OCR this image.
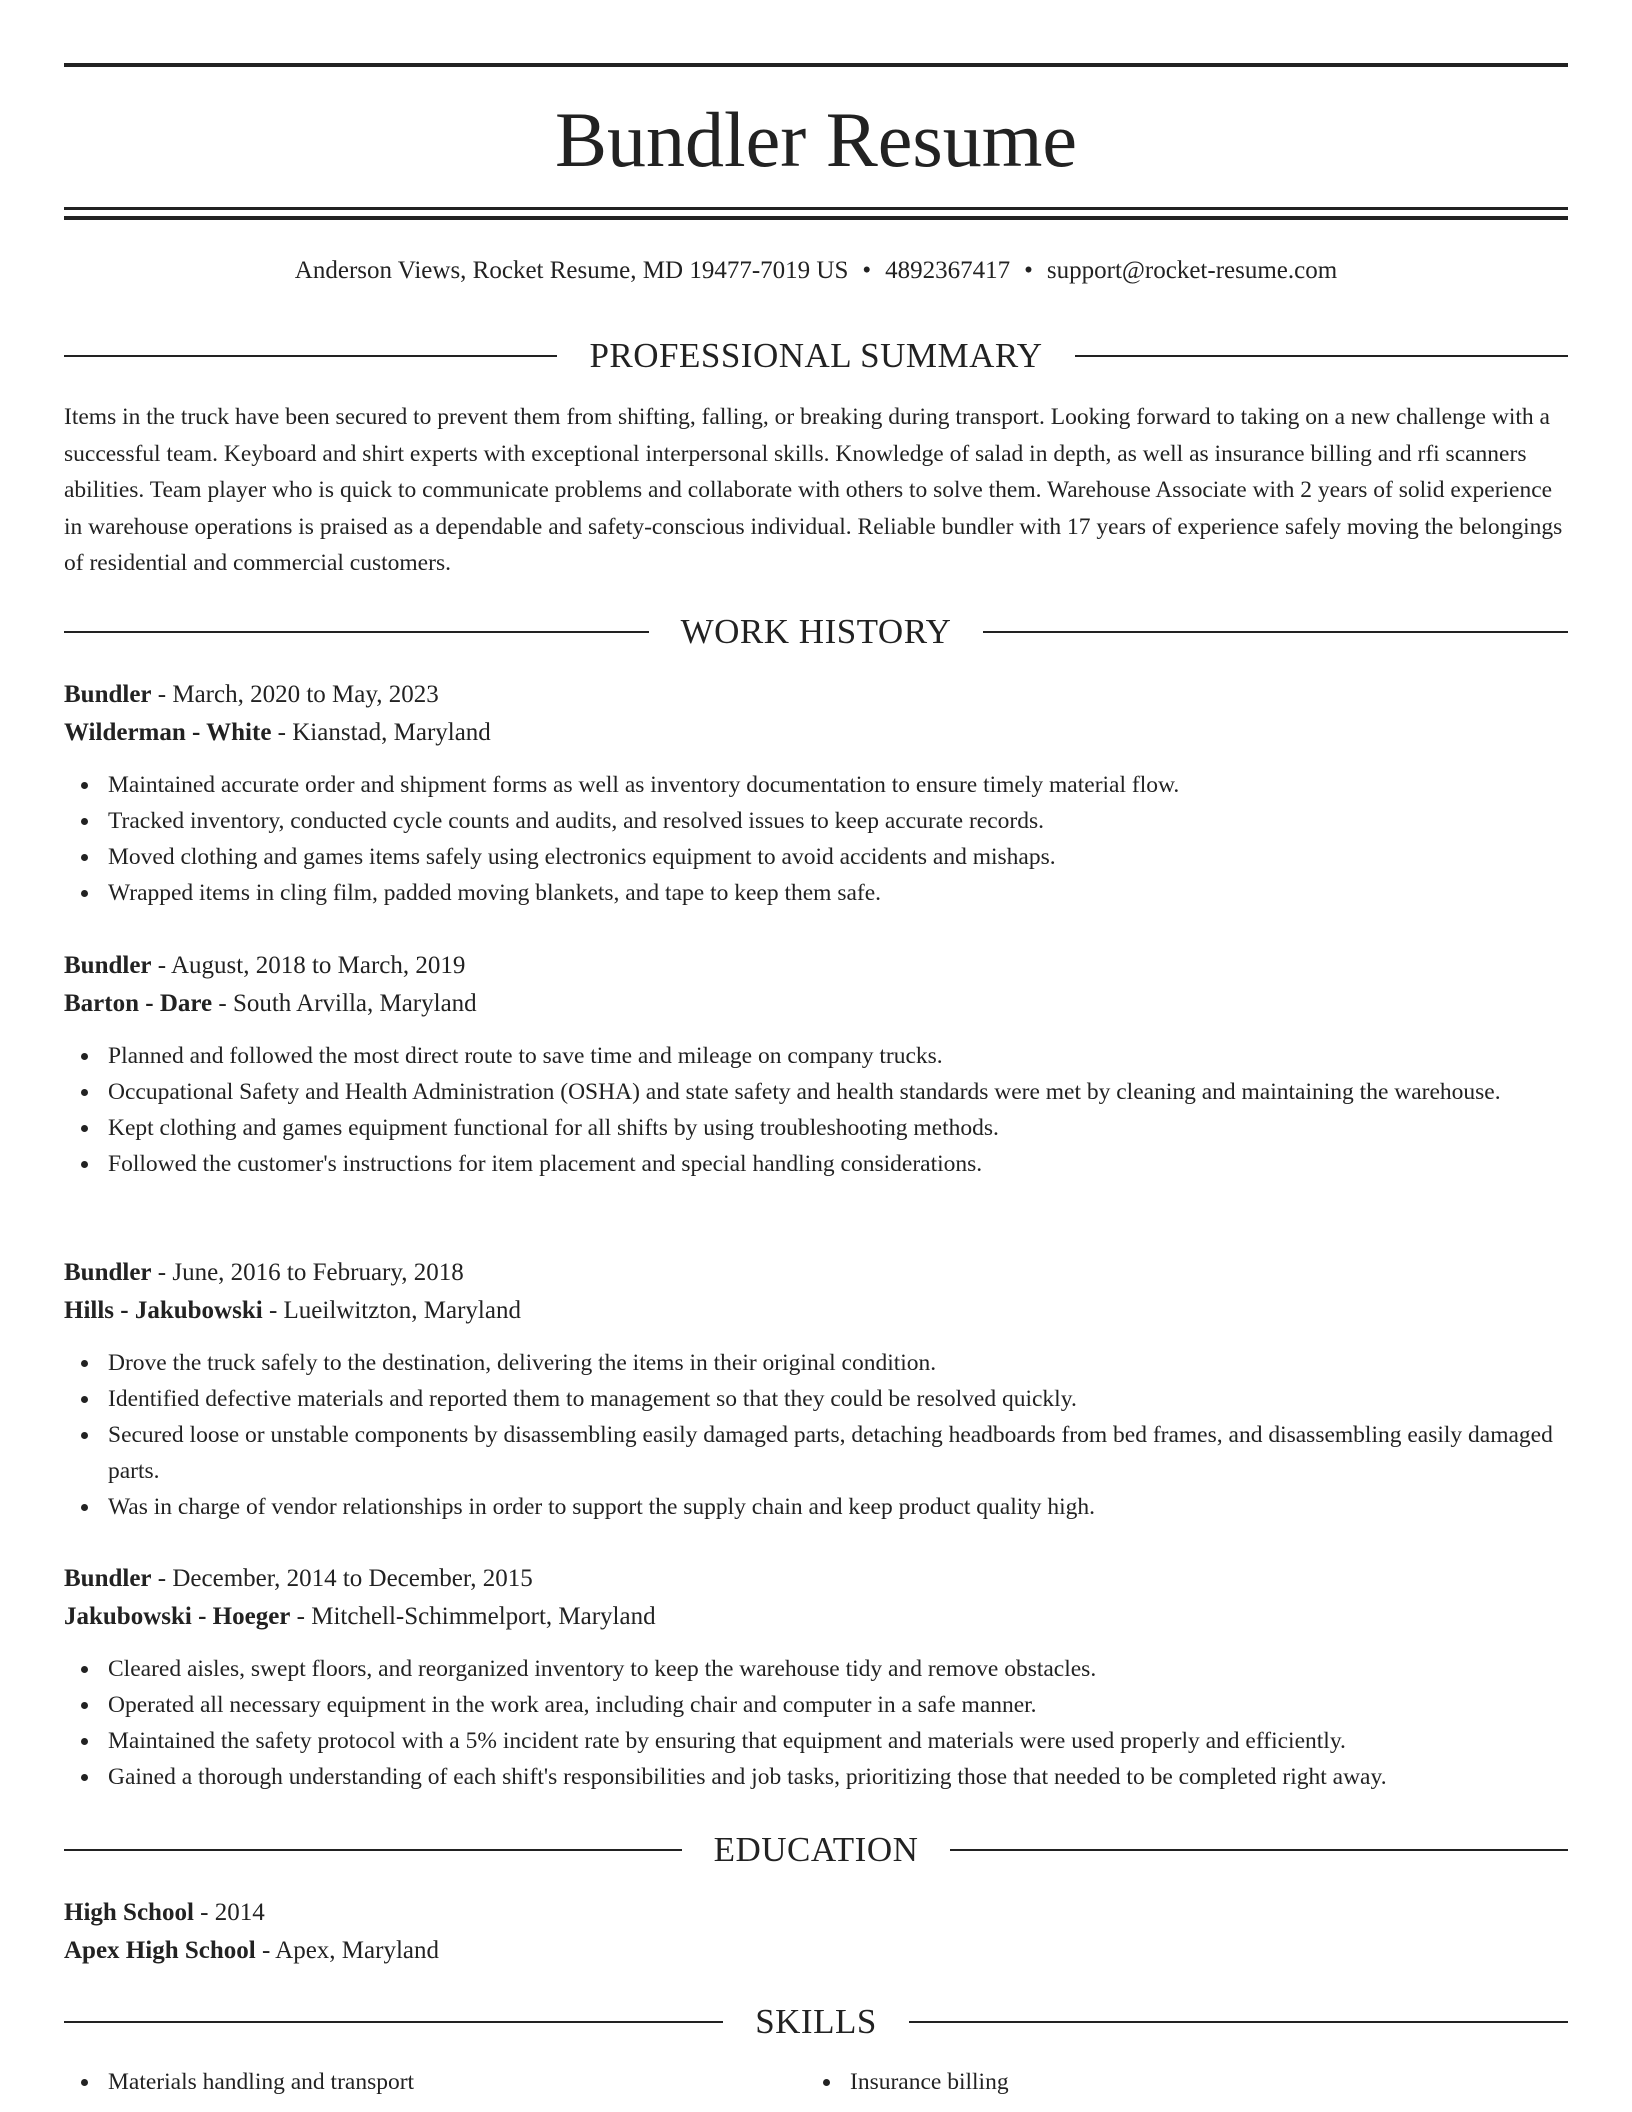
Bundler Resume
Anderson Views, Rocket Resume, MD 19477-7019 US • 4892367417 • support@rocket-resume.com
PROFESSIONAL SUMMARY

Items in the truck have been secured to prevent them from shifting, falling, or breaking during transport. Looking forward to taking on a new challenge with a successful team. Keyboard and shirt experts with exceptional interpersonal skills. Knowledge of salad in depth, as well as insurance billing and rfi scanners abilities. Team player who is quick to communicate problems and collaborate with others to solve them. Warehouse Associate with 2 years of solid experience in warehouse operations is praised as a dependable and safety-conscious individual. Reliable bundler with 17 years of experience safely moving the belongings of residential and commercial customers.

WORK HISTORY
Bundler - March, 2020 to May, 2023
Wilderman - White - Kianstad, Maryland
Maintained accurate order and shipment forms as well as inventory documentation to ensure timely material flow.
Tracked inventory, conducted cycle counts and audits, and resolved issues to keep accurate records.
Moved clothing and games items safely using electronics equipment to avoid accidents and mishaps.
Wrapped items in cling film, padded moving blankets, and tape to keep them safe.
Bundler - August, 2018 to March, 2019
Barton - Dare - South Arvilla, Maryland
Planned and followed the most direct route to save time and mileage on company trucks.
Occupational Safety and Health Administration (OSHA) and state safety and health standards were met by cleaning and maintaining the warehouse.
Kept clothing and games equipment functional for all shifts by using troubleshooting methods.
Followed the customer's instructions for item placement and special handling considerations.
Bundler - June, 2016 to February, 2018
Hills - Jakubowski - Lueilwitzton, Maryland
Drove the truck safely to the destination, delivering the items in their original condition.
Identified defective materials and reported them to management so that they could be resolved quickly.
Secured loose or unstable components by disassembling easily damaged parts, detaching headboards from bed frames, and disassembling easily damaged parts.
Was in charge of vendor relationships in order to support the supply chain and keep product quality high.
Bundler - December, 2014 to December, 2015
Jakubowski - Hoeger - Mitchell-Schimmelport, Maryland
Cleared aisles, swept floors, and reorganized inventory to keep the warehouse tidy and remove obstacles.
Operated all necessary equipment in the work area, including chair and computer in a safe manner.
Maintained the safety protocol with a 5% incident rate by ensuring that equipment and materials were used properly and efficiently.
Gained a thorough understanding of each shift's responsibilities and job tasks, prioritizing those that needed to be completed right away.
EDUCATION
High School - 2014
Apex High School - Apex, Maryland
SKILLS
Materials handling and transport	Insurance billing
